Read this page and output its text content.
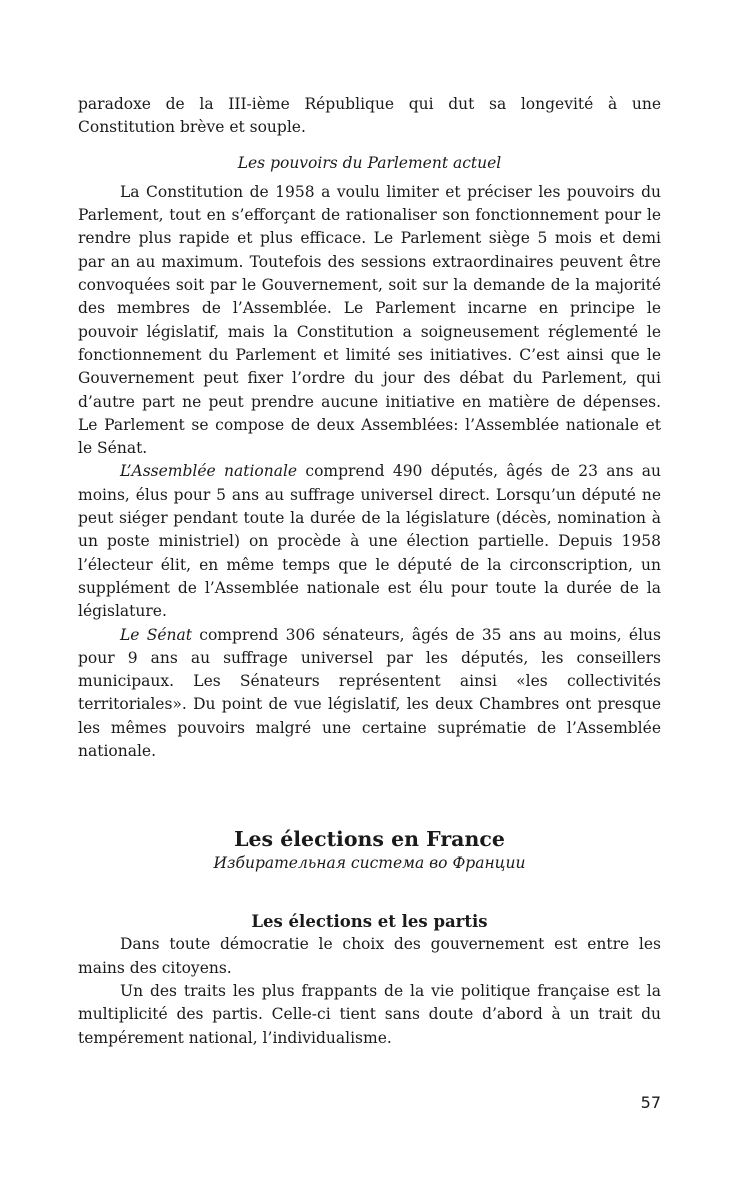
paradoxe de la III-ième République qui dut sa longevité à une Constitution brève et souple.

Les pouvoirs du Parlement actuel

La Constitution de 1958 a voulu limiter et préciser les pouvoirs du Parlement, tout en s’efforçant de rationaliser son fonctionnement pour le rendre plus rapide et plus efficace. Le Parlement siège 5 mois et demi par an au maximum. Toutefois des sessions extraordinaires peuvent être convoquées soit par le Gouvernement, soit sur la demande de la majorité des membres de l’Assemblée. Le Parlement incarne en principe le pouvoir législatif, mais la Constitution a soigneusement réglementé le fonctionnement du Parlement et limité ses initiatives. C’est ainsi que le Gouvernement peut fixer l’ordre du jour des débat du Parlement, qui d’autre part ne peut prendre aucune initiative en matière de dépenses. Le Parlement se compose de deux Assemblées: l’Assemblée nationale et le Sénat.

L’Assemblée nationale comprend 490 députés, âgés de 23 ans au moins, élus pour 5 ans au suffrage universel direct. Lorsqu’un député ne peut siéger pendant toute la durée de la législature (décès, nomination à un poste ministriel) on procède à une élection partielle. Depuis 1958 l’électeur élit, en même temps que le député de la circonscription, un supplément de l’Assemblée nationale est élu pour toute la durée de la législature.

Le Sénat comprend 306 sénateurs, âgés de 35 ans au moins, élus pour 9 ans au suffrage universel par les députés, les conseillers municipaux. Les Sénateurs représentent ainsi «les collectivités territoriales». Du point de vue législatif, les deux Chambres ont presque les mêmes pouvoirs malgré une certaine suprématie de l’Assemblée nationale.

Les élections en France

Избирательная система во Франции

Les élections et les partis

Dans toute démocratie le choix des gouvernement est entre les mains des citoyens.

Un des traits les plus frappants de la vie politique française est la multiplicité des partis. Celle-ci tient sans doute d’abord à un trait du tempérement national, l’individualisme.

57
